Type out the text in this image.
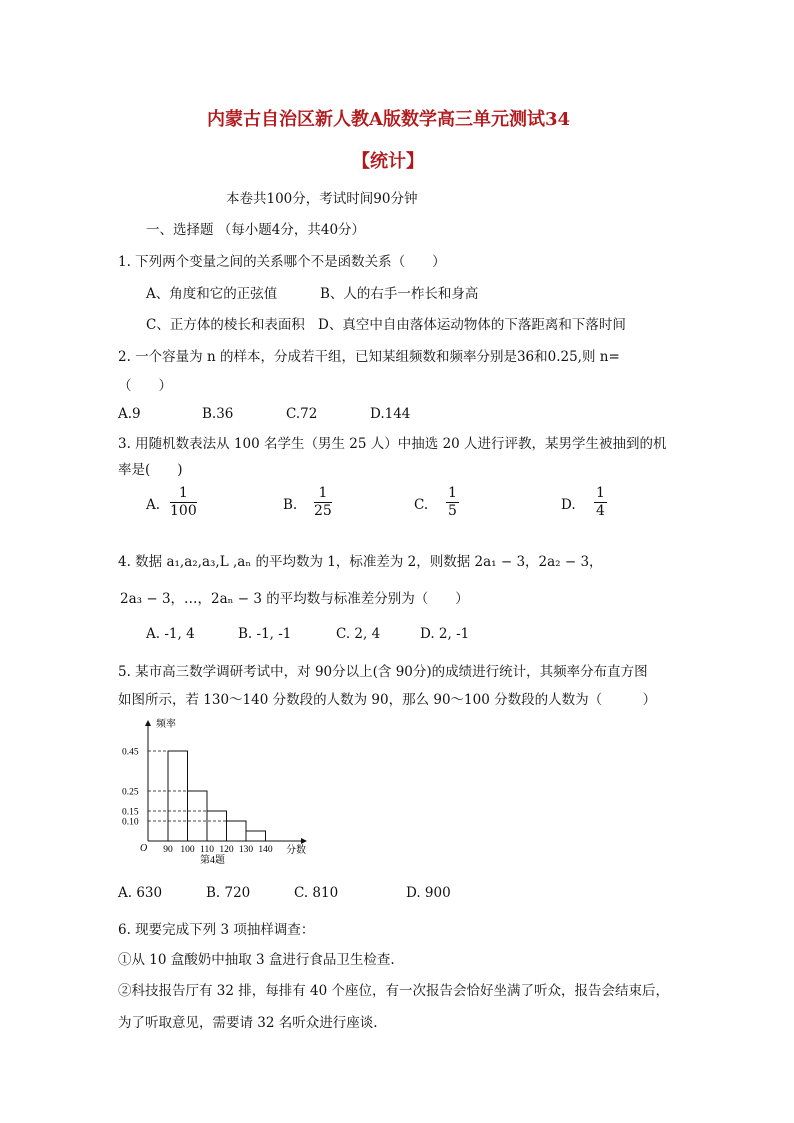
内蒙古自治区新人教A版数学高三单元测试34
【统计】
本卷共100分，考试时间90分钟
一、选择题 （每小题4分，共40分）
1. 下列两个变量之间的关系哪个不是函数关系（　　）
A、角度和它的正弦值	B、人的右手一柞长和身高
C、正方体的棱长和表面积 D、真空中自由落体运动物体的下落距离和下落时间
2. 一个容量为 n 的样本，分成若干组，已知某组频数和频率分别是36和0.25,则 n=
（　　）
A.9	B.36	C.72	D.144
3. 用随机数表法从 100 名学生（男生 25 人）中抽选 20 人进行评教，某男学生被抽到的机
率是(　　)
A. $\frac{1}{100}$	B. $\frac{1}{25}$	C. $\frac{1}{5}$	D. $\frac{1}{4}$
4. 数据 a₁,a₂,a₃,L ,aₙ 的平均数为 1，标准差为 2，则数据 2a₁ − 3，2a₂ − 3，
2a₃ − 3，…，2aₙ − 3 的平均数与标准差分别为（　　）
A. -1, 4	B. -1, -1	C. 2, 4	D. 2, -1
5. 某市高三数学调研考试中，对 90分以上(含 90分)的成绩进行统计，其频率分布直方图
如图所示，若 130～140 分数段的人数为 90，那么 90～100 分数段的人数为（　　　）
0.45
0.25
0.15
0.10
90 100 110 120 130 140
频率
分数
O
第4题
A. 630	B. 720	C. 810	D. 900
6. 现要完成下列 3 项抽样调查：
①从 10 盒酸奶中抽取 3 盒进行食品卫生检查.
②科技报告厅有 32 排，每排有 40 个座位，有一次报告会恰好坐满了听众，报告会结束后，
为了听取意见，需要请 32 名听众进行座谈.
